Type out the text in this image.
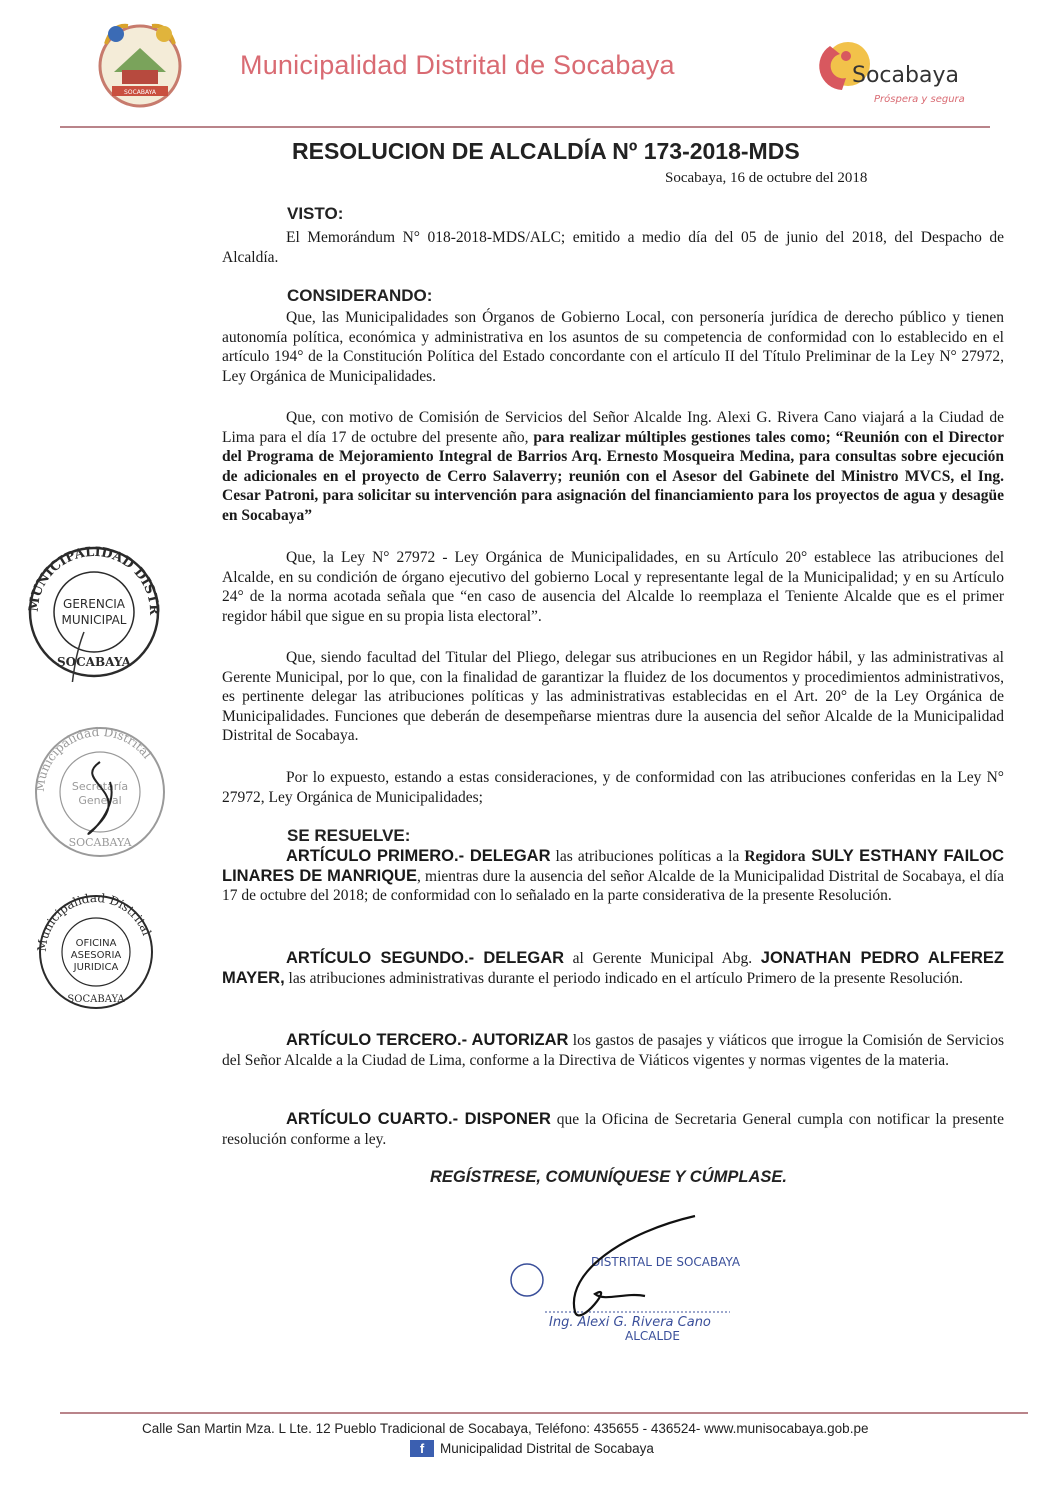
SOCABAYA
Municipalidad Distrital de Socabaya	Socabaya
Próspera y segura
RESOLUCION DE ALCALDÍA Nº 173-2018-MDS
Socabaya, 16 de octubre del 2018
VISTO:
El Memorándum N° 018-2018-MDS/ALC; emitido a medio día del 05 de junio del 2018, del Despacho de Alcaldía.
CONSIDERANDO:
Que, las Municipalidades son Órganos de Gobierno Local, con personería jurídica de derecho público y tienen autonomía política, económica y administrativa en los asuntos de su competencia de conformidad con lo establecido en el artículo 194° de la Constitución Política del Estado concordante con el artículo II del Título Preliminar de la Ley N° 27972, Ley Orgánica de Municipalidades.
Que, con motivo de Comisión de Servicios del Señor Alcalde Ing. Alexi G. Rivera Cano viajará a la Ciudad de Lima para el día 17 de octubre del presente año, para realizar múltiples gestiones tales como; “Reunión con el Director del Programa de Mejoramiento Integral de Barrios Arq. Ernesto Mosqueira Medina, para consultas sobre ejecución de adicionales en el proyecto de Cerro Salaverry; reunión con el Asesor del Gabinete del Ministro MVCS, el Ing. Cesar Patroni, para solicitar su intervención para asignación del financiamiento para los proyectos de agua y desagüe en Socabaya”
Que, la Ley N° 27972 - Ley Orgánica de Municipalidades, en su Artículo 20° establece las atribuciones del Alcalde, en su condición de órgano ejecutivo del gobierno Local y representante legal de la Municipalidad; y en su Artículo 24° de la norma acotada señala que “en caso de ausencia del Alcalde lo reemplaza el Teniente Alcalde que es el primer regidor hábil que sigue en su propia lista electoral”.
Que, siendo facultad del Titular del Pliego, delegar sus atribuciones en un Regidor hábil, y las administrativas al Gerente Municipal, por lo que, con la finalidad de garantizar la fluidez de los documentos y procedimientos administrativos, es pertinente delegar las atribuciones políticas y las administrativas establecidas en el Art. 20° de la Ley Orgánica de Municipalidades. Funciones que deberán de desempeñarse mientras dure la ausencia del señor Alcalde de la Municipalidad Distrital de Socabaya.
Por lo expuesto, estando a estas consideraciones, y de conformidad con las atribuciones conferidas en la Ley N° 27972, Ley Orgánica de Municipalidades;
SE RESUELVE:
ARTÍCULO PRIMERO.- DELEGAR las atribuciones políticas a la Regidora SULY ESTHANY FAILOC LINARES DE MANRIQUE, mientras dure la ausencia del señor Alcalde de la Municipalidad Distrital de Socabaya, el día 17 de octubre del 2018; de conformidad con lo señalado en la parte considerativa de la presente Resolución.
ARTÍCULO SEGUNDO.- DELEGAR al Gerente Municipal Abg. JONATHAN PEDRO ALFEREZ MAYER, las atribuciones administrativas durante el periodo indicado en el artículo Primero de la presente Resolución.
ARTÍCULO TERCERO.- AUTORIZAR los gastos de pasajes y viáticos que irrogue la Comisión de Servicios del Señor Alcalde a la Ciudad de Lima, conforme a la Directiva de Viáticos vigentes y normas vigentes de la materia.
ARTÍCULO CUARTO.- DISPONER que la Oficina de Secretaria General cumpla con notificar la presente resolución conforme a ley.
REGÍSTRESE, COMUNÍQUESE Y CÚMPLASE.
MUNICIPALIDAD DISTR
SOCABAYA
GERENCIA
MUNICIPAL
Municipalidad Distrital
SOCABAYA
Secretaría
General
Municipalidad Distrital
SOCABAYA
OFICINA
ASESORIA
JURIDICA
DISTRITAL DE SOCABAYA
Ing. Alexi G. Rivera Cano
ALCALDE
Calle San Martin Mza. L Lte. 12 Pueblo Tradicional de Socabaya, Teléfono: 435655 - 436524- www.munisocabaya.gob.pe
f	Municipalidad Distrital de Socabaya
